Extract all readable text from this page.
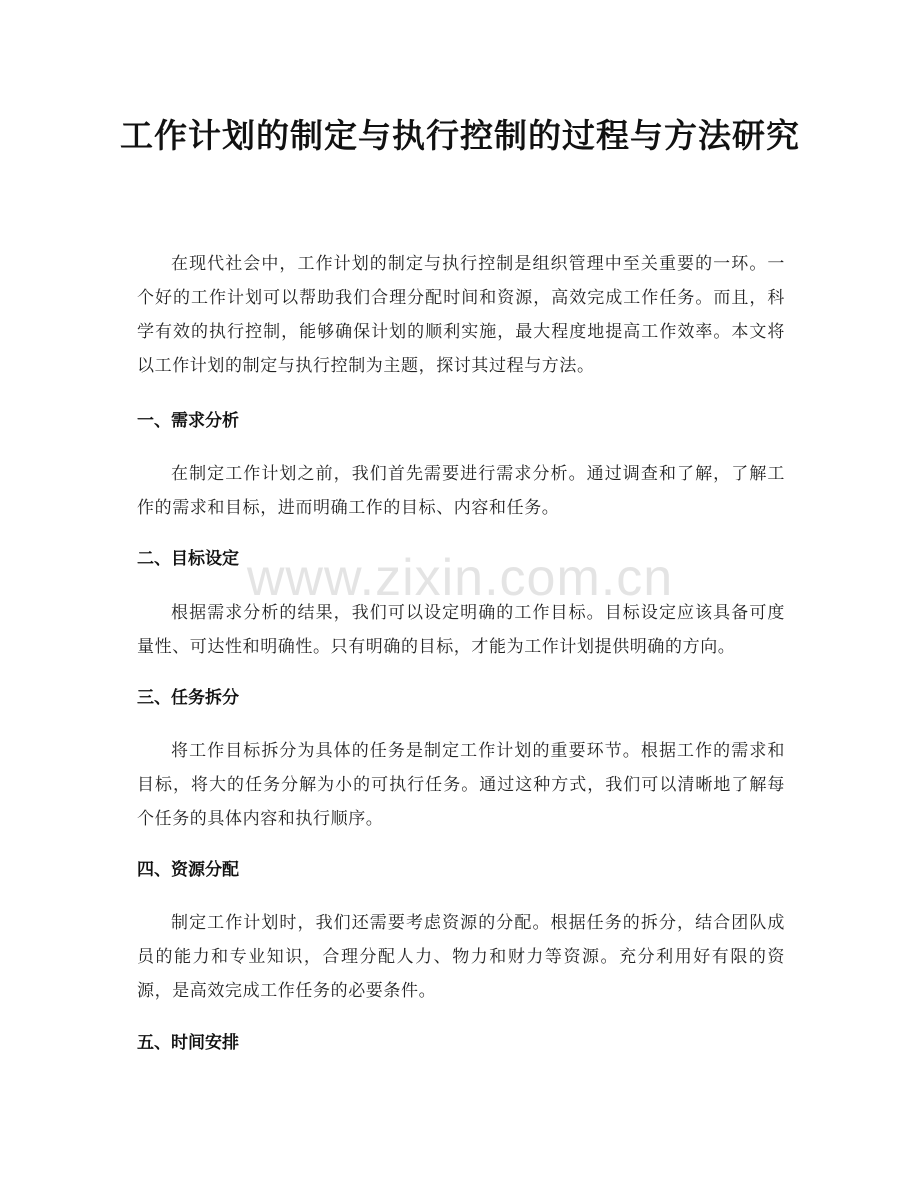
工作计划的制定与执行控制的过程与方法研究

在现代社会中，工作计划的制定与执行控制是组织管理中至关重要的一环。一个好的工作计划可以帮助我们合理分配时间和资源，高效完成工作任务。而且，科学有效的执行控制，能够确保计划的顺利实施，最大程度地提高工作效率。本文将以工作计划的制定与执行控制为主题，探讨其过程与方法。

一、需求分析

在制定工作计划之前，我们首先需要进行需求分析。通过调查和了解，了解工作的需求和目标，进而明确工作的目标、内容和任务。

二、目标设定

根据需求分析的结果，我们可以设定明确的工作目标。目标设定应该具备可度量性、可达性和明确性。只有明确的目标，才能为工作计划提供明确的方向。

三、任务拆分

将工作目标拆分为具体的任务是制定工作计划的重要环节。根据工作的需求和目标，将大的任务分解为小的可执行任务。通过这种方式，我们可以清晰地了解每个任务的具体内容和执行顺序。

四、资源分配

制定工作计划时，我们还需要考虑资源的分配。根据任务的拆分，结合团队成员的能力和专业知识，合理分配人力、物力和财力等资源。充分利用好有限的资源，是高效完成工作任务的必要条件。

五、时间安排
www.zixin.com.cn
